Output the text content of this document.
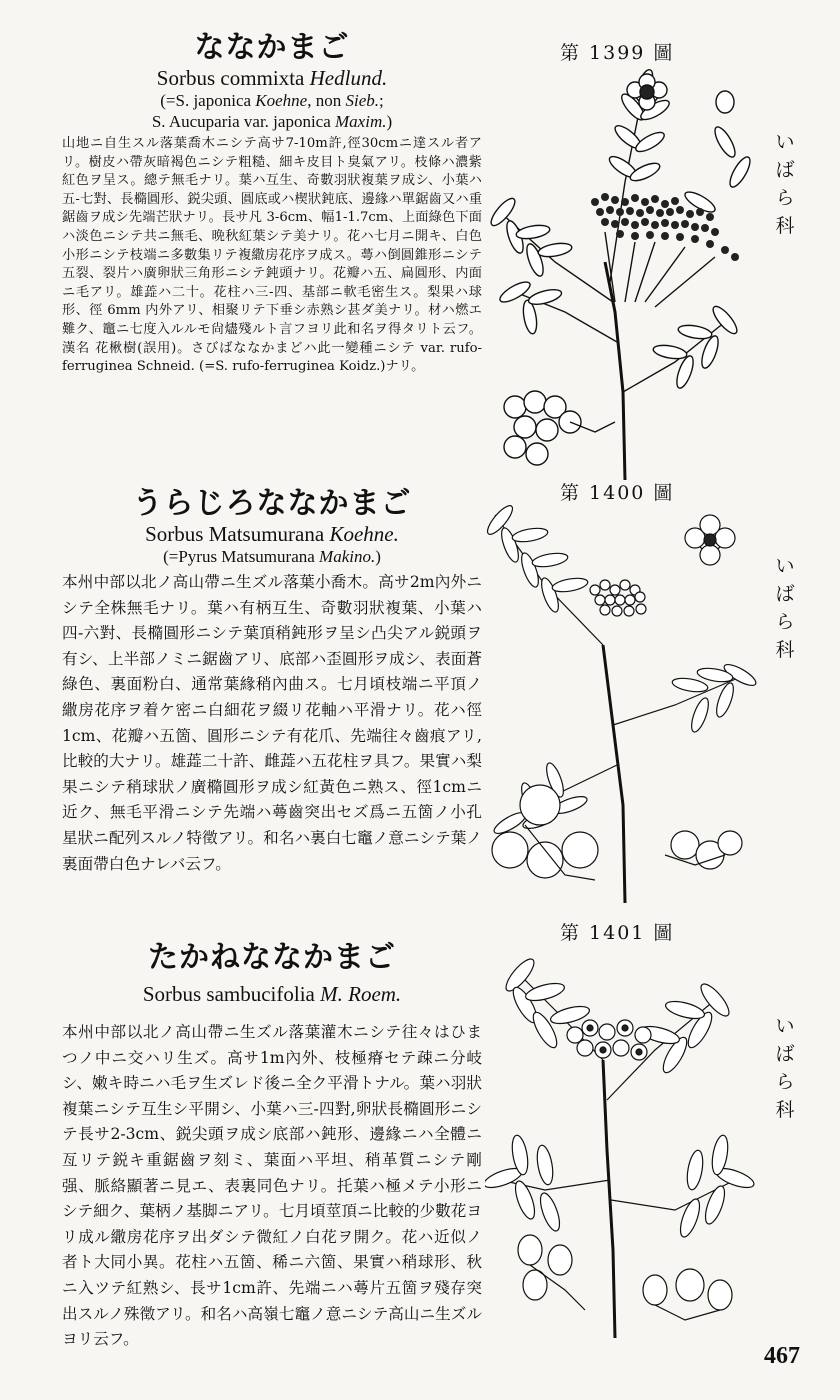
ななかまご
Sorbus commixta Hedlund.
(=S. japonica Koehne, non Sieb.;
S. Aucuparia var. japonica Maxim.)
山地ニ自生スル落葉喬木ニシテ高サ7-10m許,徑30cmニ達スル者アリ。樹皮ハ帶灰暗褐色ニシテ粗糙、細キ皮目ト臭氣アリ。枝條ハ濃紫紅色ヲ呈ス。總テ無毛ナリ。葉ハ互生、奇數羽狀複葉ヲ成シ、小葉ハ五-七對、長橢圓形、鋭尖頭、圓底或ハ楔狀鈍底、邊緣ハ單鋸齒又ハ重鋸齒ヲ成シ先端芒狀ナリ。長サ凡 3-6cm、幅1-1.7cm、上面綠色下面ハ淡色ニシテ共ニ無毛、晩秋紅葉シテ美ナリ。花ハ七月ニ開キ、白色小形ニシテ枝端ニ多數集リテ複繖房花序ヲ成ス。蕚ハ倒圓錐形ニシテ五裂、裂片ハ廣卵狀三角形ニシテ鈍頭ナリ。花瓣ハ五、扁圓形、内面ニ毛アリ。雄蕋ハ二十。花柱ハ三-四、基部ニ軟毛密生ス。梨果ハ球形、徑 6mm 内外アリ、相聚リテ下垂シ赤熟シ甚ダ美ナリ。材ハ燃エ難ク、竈ニ七度入ルルモ尙燼殘ルト言フヨリ此和名ヲ得タリト云フ。漢名 花楸樹(誤用)。さびばななかまどハ此一變種ニシテ var. rufo-ferruginea Schneid. (=S. rufo-ferruginea Koidz.)ナリ。
うらじろななかまご
Sorbus Matsumurana Koehne.
(=Pyrus Matsumurana Makino.)
本州中部以北ノ高山帶ニ生ズル落葉小喬木。高サ2m內外ニシテ全株無毛ナリ。葉ハ有柄互生、奇數羽狀複葉、小葉ハ四-六對、長橢圓形ニシテ葉頂稍鈍形ヲ呈シ凸尖アル鋭頭ヲ有シ、上半部ノミニ鋸齒アリ、底部ハ歪圓形ヲ成シ、表面蒼綠色、裏面粉白、通常葉緣稍內曲ス。七月頃枝端ニ平頂ノ繖房花序ヲ着ケ密ニ白細花ヲ綴リ花軸ハ平滑ナリ。花ハ徑1cm、花瓣ハ五箇、圓形ニシテ有花爪、先端往々齒痕アリ,比較的大ナリ。雄蕋二十許、雌蕋ハ五花柱ヲ具フ。果實ハ梨果ニシテ稍球狀ノ廣橢圓形ヲ成シ紅黃色ニ熟ス、徑1cmニ近ク、無毛平滑ニシテ先端ハ蕚齒突出セズ爲ニ五箇ノ小孔星狀ニ配列スルノ特徵アリ。和名ハ裏白七竈ノ意ニシテ葉ノ裏面帶白色ナレバ云フ。
たかねななかまご
Sorbus sambucifolia M. Roem.
本州中部以北ノ高山帶ニ生ズル落葉灌木ニシテ往々はひまつノ中ニ交ハリ生ズ。高サ1m內外、枝極瘠セテ疎ニ分岐シ、嫩キ時ニハ毛ヲ生ズレド後ニ全ク平滑トナル。葉ハ羽狀複葉ニシテ互生シ平開シ、小葉ハ三-四對,卵狀長橢圓形ニシテ長サ2-3cm、鋭尖頭ヲ成シ底部ハ鈍形、邊緣ニハ全體ニ亙リテ鋭キ重鋸齒ヲ刻ミ、葉面ハ平坦、稍革質ニシテ剛强、脈絡顯著ニ見エ、表裏同色ナリ。托葉ハ極メテ小形ニシテ細ク、葉柄ノ基脚ニアリ。七月頃莖頂ニ比較的少數花ヨリ成ル繖房花序ヲ出ダシテ微紅ノ白花ヲ開ク。花ハ近似ノ者ト大同小異。花柱ハ五箇、稀ニ六箇、果實ハ稍球形、秋ニ入ツテ紅熟シ、長サ1cm許、先端ニハ蕚片五箇ヲ殘存突出スルノ殊徵アリ。和名ハ高嶺七竈ノ意ニシテ高山ニ生ズルヨリ云フ。
第 1399 圖
第 1400 圖
第 1401 圖
い
ば
ら
科
い
ば
ら
科
い
ば
ら
科
467
